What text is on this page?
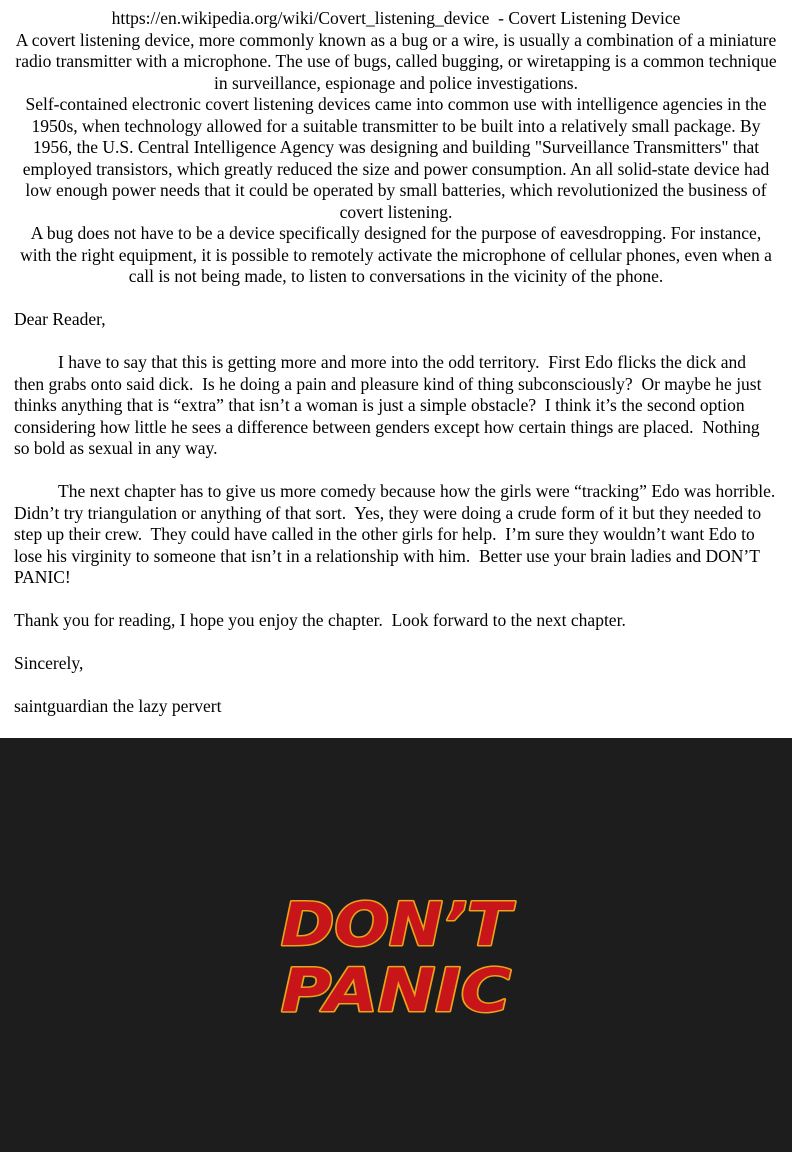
https://en.wikipedia.org/wiki/Covert_listening_device  - Covert Listening Device

A covert listening device, more commonly known as a bug or a wire, is usually a combination of a miniature radio transmitter with a microphone. The use of bugs, called bugging, or wiretapping is a common technique in surveillance, espionage and police investigations.

Self-contained electronic covert listening devices came into common use with intelligence agencies in the 1950s, when technology allowed for a suitable transmitter to be built into a relatively small package. By 1956, the U.S. Central Intelligence Agency was designing and building "Surveillance Transmitters" that employed transistors, which greatly reduced the size and power consumption. An all solid-state device had low enough power needs that it could be operated by small batteries, which revolutionized the business of covert listening.

A bug does not have to be a device specifically designed for the purpose of eavesdropping. For instance, with the right equipment, it is possible to remotely activate the microphone of cellular phones, even when a call is not being made, to listen to conversations in the vicinity of the phone.

Dear Reader,

I have to say that this is getting more and more into the odd territory.  First Edo flicks the dick and then grabs onto said dick.  Is he doing a pain and pleasure kind of thing subconsciously?  Or maybe he just thinks anything that is “extra” that isn’t a woman is just a simple obstacle?  I think it’s the second option considering how little he sees a difference between genders except how certain things are placed.  Nothing so bold as sexual in any way.

The next chapter has to give us more comedy because how the girls were “tracking” Edo was horrible.  Didn’t try triangulation or anything of that sort.  Yes, they were doing a crude form of it but they needed to step up their crew.  They could have called in the other girls for help.  I’m sure they wouldn’t want Edo to lose his virginity to someone that isn’t in a relationship with him.  Better use your brain ladies and DON’T PANIC!

Thank you for reading, I hope you enjoy the chapter.  Look forward to the next chapter.

Sincerely,

saintguardian the lazy pervert

DON’T
PANIC
